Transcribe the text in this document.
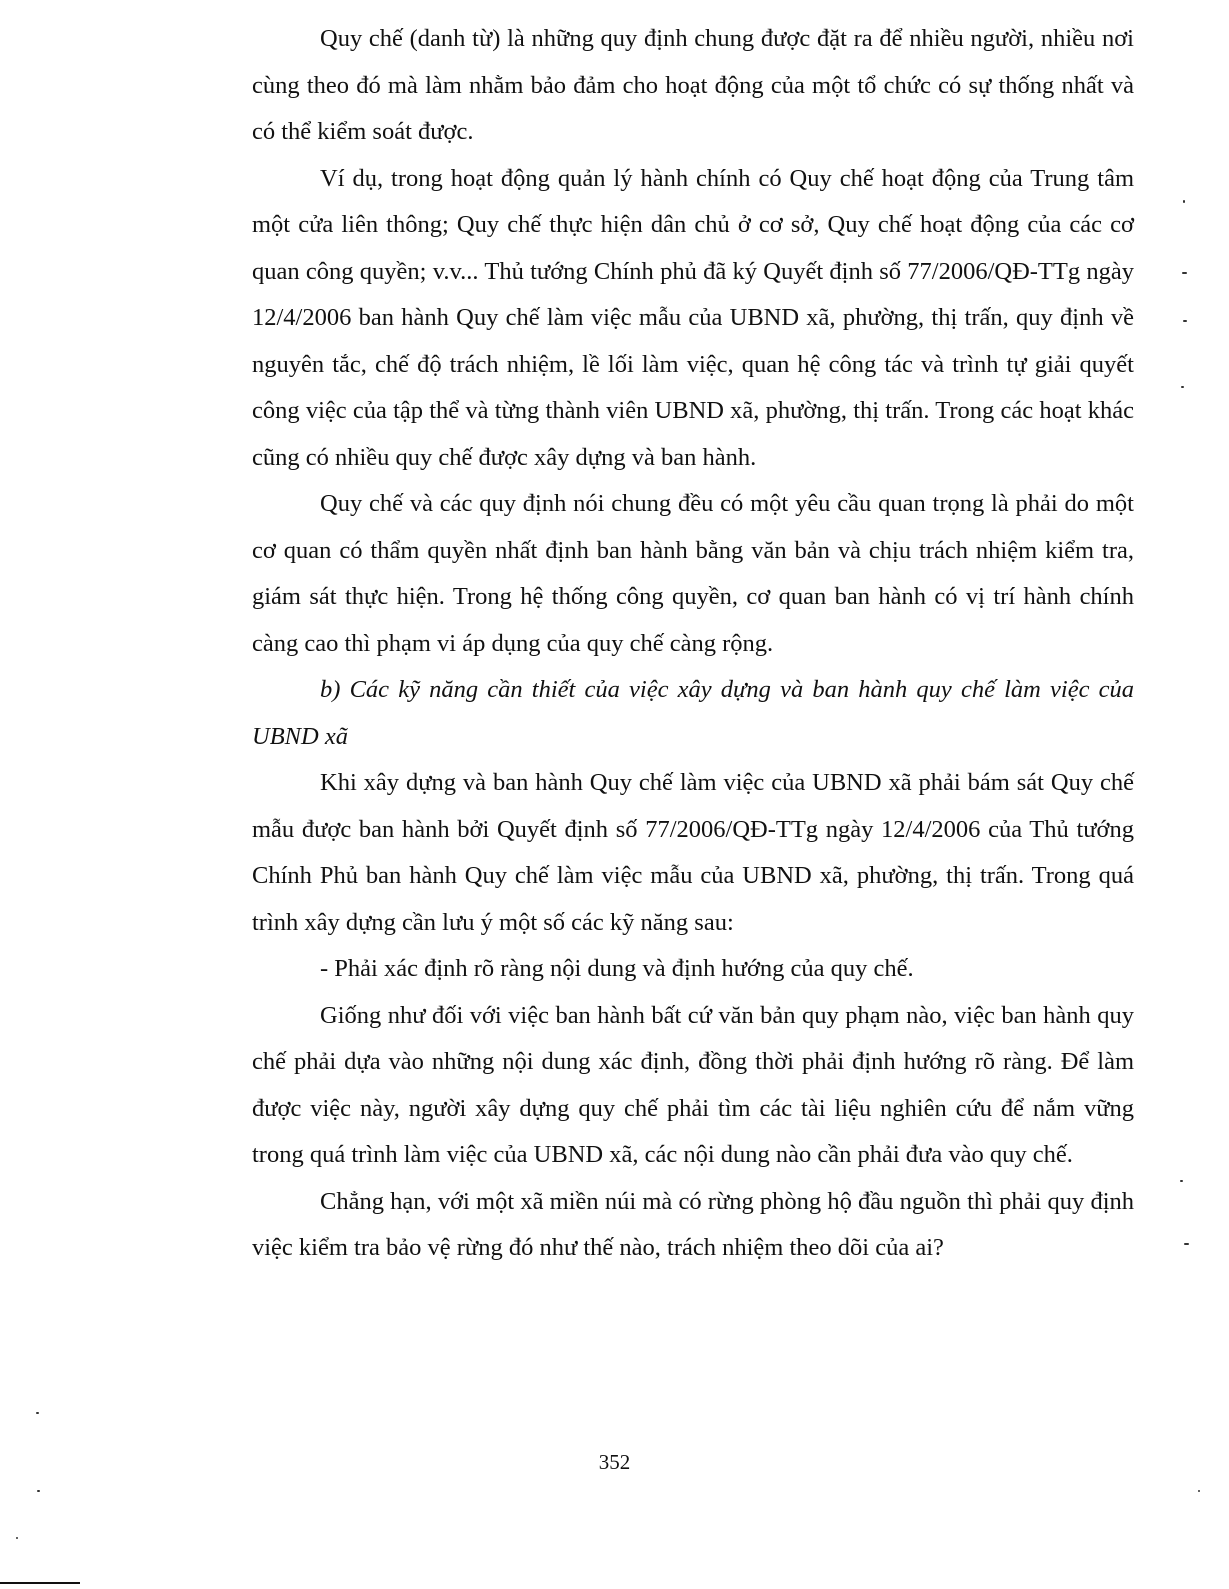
Quy chế (danh từ) là những quy định chung được đặt ra để nhiều người, nhiều nơi cùng theo đó mà làm nhằm bảo đảm cho hoạt động của một tổ chức có sự thống nhất và có thể kiểm soát được.

Ví dụ, trong hoạt động quản lý hành chính có Quy chế hoạt động của Trung tâm một cửa liên thông; Quy chế thực hiện dân chủ ở cơ sở, Quy chế hoạt động của các cơ quan công quyền; v.v... Thủ tướng Chính phủ đã ký Quyết định số 77/2006/QĐ-TTg ngày 12/4/2006 ban hành Quy chế làm việc mẫu của UBND xã, phường, thị trấn, quy định về nguyên tắc, chế độ trách nhiệm, lề lối làm việc, quan hệ công tác và trình tự giải quyết công việc của tập thể và từng thành viên UBND xã, phường, thị trấn. Trong các hoạt khác cũng có nhiều quy chế được xây dựng và ban hành.

Quy chế và các quy định nói chung đều có một yêu cầu quan trọng là phải do một cơ quan có thẩm quyền nhất định ban hành bằng văn bản và chịu trách nhiệm kiểm tra, giám sát thực hiện. Trong hệ thống công quyền, cơ quan ban hành có vị trí hành chính càng cao thì phạm vi áp dụng của quy chế càng rộng.

b) Các kỹ năng cần thiết của việc xây dựng và ban hành quy chế làm việc của UBND xã

Khi xây dựng và ban hành Quy chế làm việc của UBND xã phải bám sát Quy chế mẫu được ban hành bởi Quyết định số 77/2006/QĐ-TTg ngày 12/4/2006 của Thủ tướng Chính Phủ ban hành Quy chế làm việc mẫu của UBND xã, phường, thị trấn. Trong quá trình xây dựng cần lưu ý một số các kỹ năng sau:

- Phải xác định rõ ràng nội dung và định hướng của quy chế.

Giống như đối với việc ban hành bất cứ văn bản quy phạm nào, việc ban hành quy chế phải dựa vào những nội dung xác định, đồng thời phải định hướng rõ ràng. Để làm được việc này, người xây dựng quy chế phải tìm các tài liệu nghiên cứu để nắm vững trong quá trình làm việc của UBND xã, các nội dung nào cần phải đưa vào quy chế.

Chẳng hạn, với một xã miền núi mà có rừng phòng hộ đầu nguồn thì phải quy định việc kiểm tra bảo vệ rừng đó như thế nào, trách nhiệm theo dõi của ai?

352
